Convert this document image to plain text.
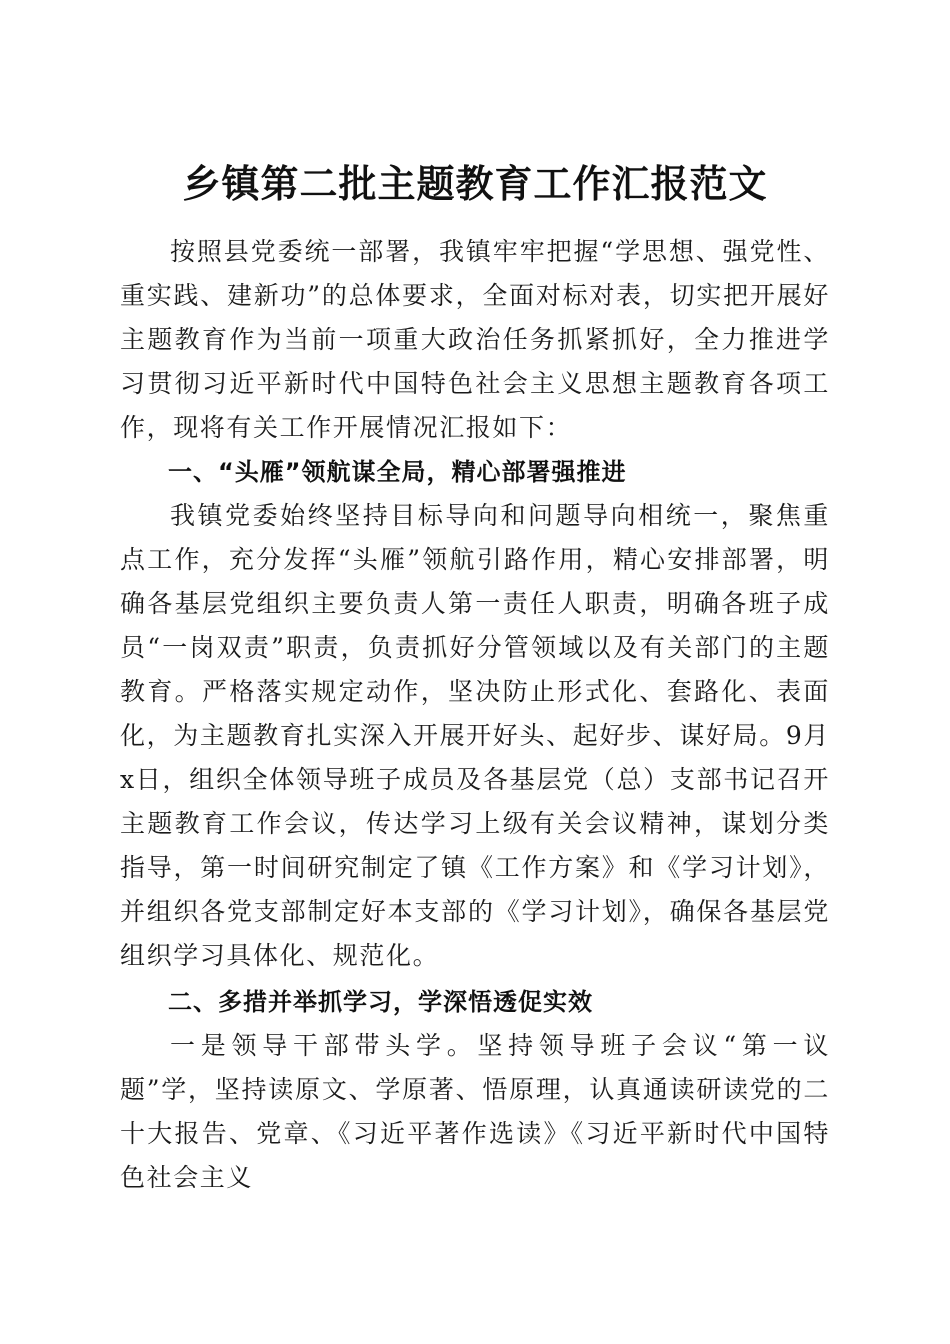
乡镇第二批主题教育工作汇报范文

按照县党委统一部署，我镇牢牢把握“学思想、强党性、重实践、建新功”的总体要求，全面对标对表，切实把开展好主题教育作为当前一项重大政治任务抓紧抓好，全力推进学习贯彻习近平新时代中国特色社会主义思想主题教育各项工作，现将有关工作开展情况汇报如下：

一、“头雁”领航谋全局，精心部署强推进

我镇党委始终坚持目标导向和问题导向相统一，聚焦重点工作，充分发挥“头雁”领航引路作用，精心安排部署，明确各基层党组织主要负责人第一责任人职责，明确各班子成员“一岗双责”职责，负责抓好分管领域以及有关部门的主题教育。严格落实规定动作，坚决防止形式化、套路化、表面化，为主题教育扎实深入开展开好头、起好步、谋好局。9月x日，组织全体领导班子成员及各基层党（总）支部书记召开主题教育工作会议，传达学习上级有关会议精神，谋划分类指导，第一时间研究制定了镇《工作方案》和《学习计划》，并组织各党支部制定好本支部的《学习计划》，确保各基层党组织学习具体化、规范化。

二、多措并举抓学习，学深悟透促实效

一是领导干部带头学。坚持领导班子会议“第一议题”学，坚持读原文、学原著、悟原理，认真通读研读党的二十大报告、党章、《习近平著作选读》《习近平新时代中国特色社会主义
